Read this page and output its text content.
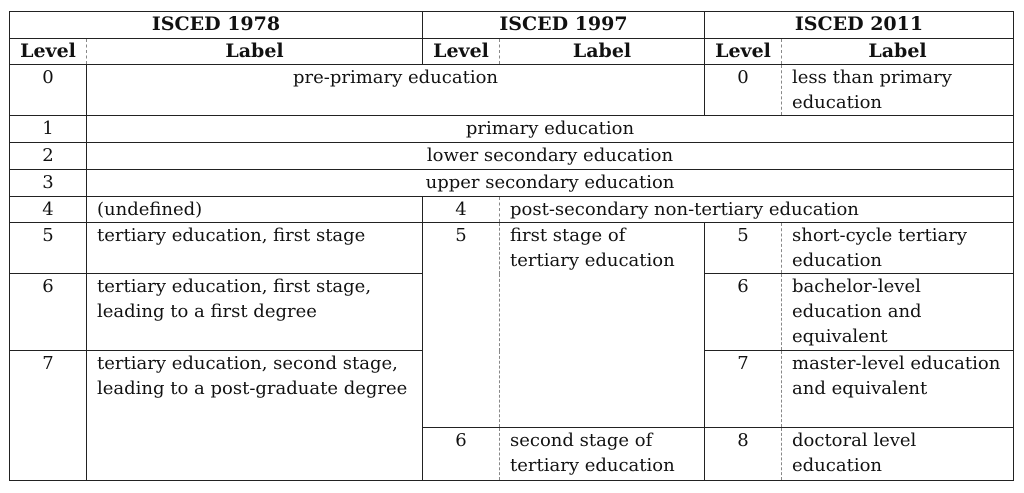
ISCED 1978		ISCED 1997		ISCED 2011	
Level	Label	Level	Label	Level	Label
0	pre-primary education			0	less than primary education
1	primary education				
2	lower secondary education				
3	upper secondary education				
4	(undefined)	4	post-secondary non-tertiary education		
5	tertiary education, first stage	5	first stage of tertiary education	5	short-cycle tertiary education
6	tertiary education, first stage, leading to a first degree			6	bachelor-level education and equivalent
7	tertiary education, second stage, leading to a post-graduate degree			7	master-level education and equivalent
		6	second stage of tertiary education	8	doctoral level education
